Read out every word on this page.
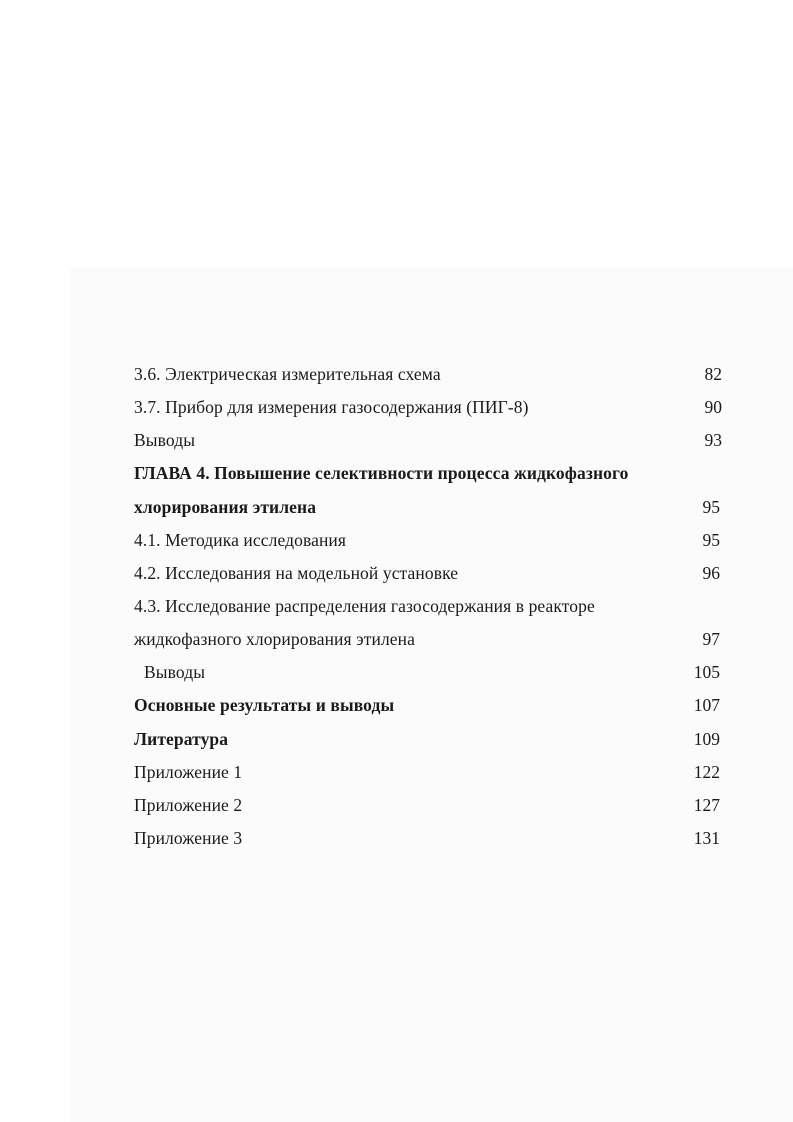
3.6. Электрическая измерительная схема	82
3.7. Прибор для измерения газосодержания (ПИГ-8)	90
Выводы	93
ГЛАВА 4. Повышение селективности процесса жидкофазного
хлорирования этилена	95
4.1. Методика исследования	95
4.2. Исследования на модельной установке	96
4.3. Исследование распределения газосодержания в реакторе
жидкофазного хлорирования этилена	97
Выводы	105
Основные результаты и выводы	107
Литература	109
Приложение 1	122
Приложение 2	127
Приложение 3	131
